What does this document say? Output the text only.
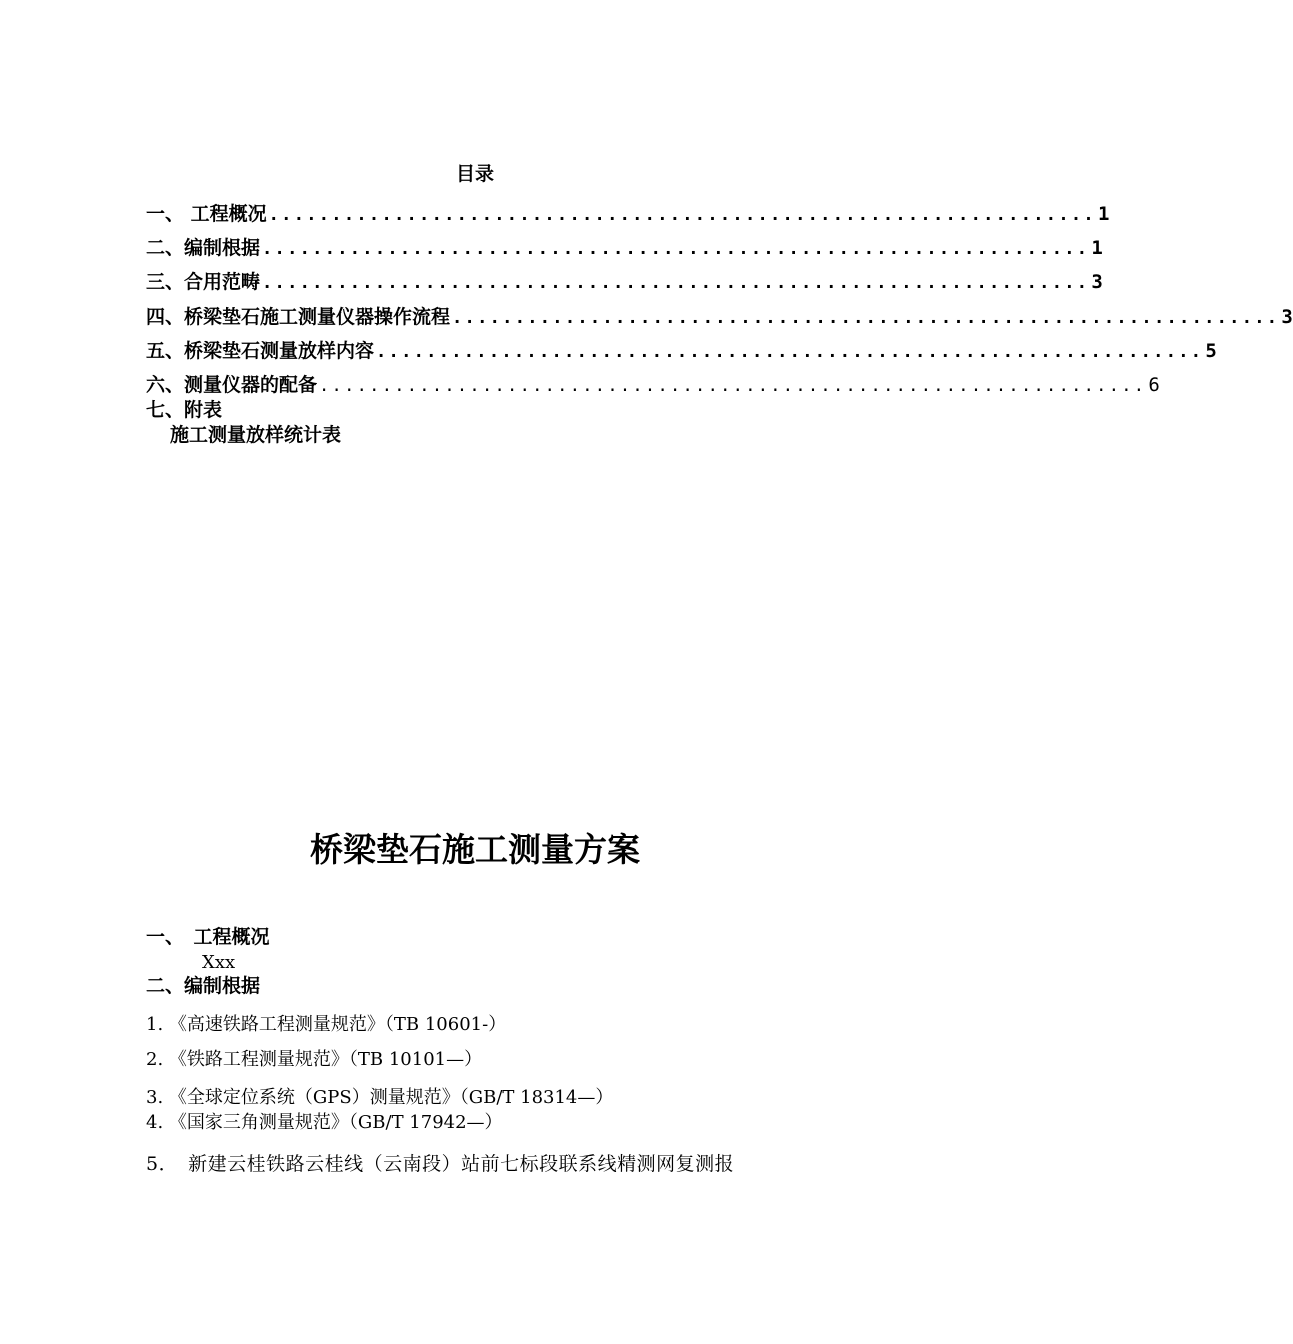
目录
一、 工程概况 .................................................................. 1
二、编制根据 .................................................................. 1
三、合用范畴 .................................................................. 3
四、桥梁垫石施工测量仪器操作流程 .................................................................. 3
五、桥梁垫石测量放样内容 .................................................................. 5
六、测量仪器的配备 .................................................................. 6
七、附表
施工测量放样统计表
桥梁垫石施工测量方案
一、　工程概况
Xxx
二、编制根据
1. 《高速铁路工程测量规范》（TB 10601-）
2. 《铁路工程测量规范》（TB 10101—）
3. 《全球定位系统（GPS）测量规范》（GB/T 18314—）
4. 《国家三角测量规范》（GB/T 17942—）
5．　新建云桂铁路云桂线（云南段）站前七标段联系线精测网复测报
